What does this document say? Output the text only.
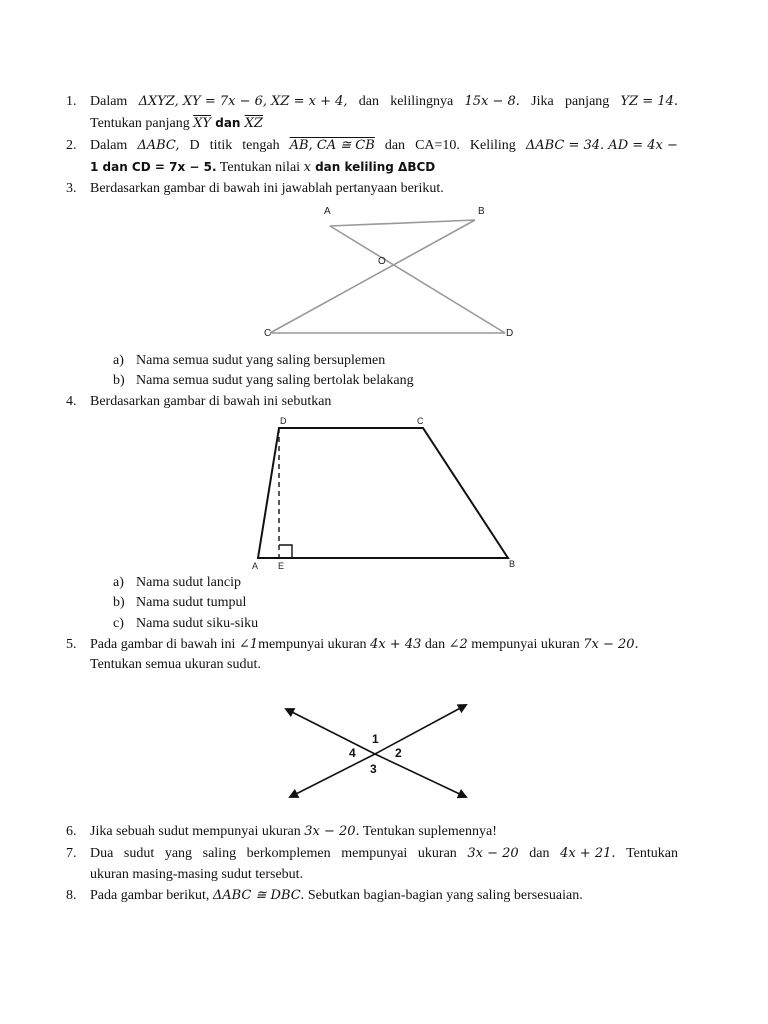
1. Dalam ΔXYZ, XY = 7x − 6, XZ = x + 4, dan kelilingnya 15x − 8. Jika panjang YZ = 14.
Tentukan panjang $\overline{XY}$ dan $\overline{XZ}$
2. Dalam ΔABC, D titik tengah AB, CA ≅ CB dan CA=10. Keliling ΔABC = 34. AD = 4x −
1 dan CD = 7x − 5. Tentukan nilai x dan keliling ΔBCD
3. Berdasarkan gambar di bawah ini jawablah pertanyaan berikut.
A	B
O
C	D
a) Nama semua sudut yang saling bersuplemen
b) Nama semua sudut yang saling bertolak belakang
4. Berdasarkan gambar di bawah ini sebutkan
D	C
A E	B
a) Nama sudut lancip
b) Nama sudut tumpul
c) Nama sudut siku-siku
5. Pada gambar di bawah ini ∠1mempunyai ukuran 4x + 43 dan ∠2 mempunyai ukuran 7x − 20.
Tentukan semua ukuran sudut.
1
2
3
4
6. Jika sebuah sudut mempunyai ukuran 3x − 20. Tentukan suplemennya!
7. Dua sudut yang saling berkomplemen mempunyai ukuran 3x − 20 dan 4x + 21. Tentukan
ukuran masing-masing sudut tersebut.
8. Pada gambar berikut, ΔABC ≅ DBC. Sebutkan bagian-bagian yang saling bersesuaian.
